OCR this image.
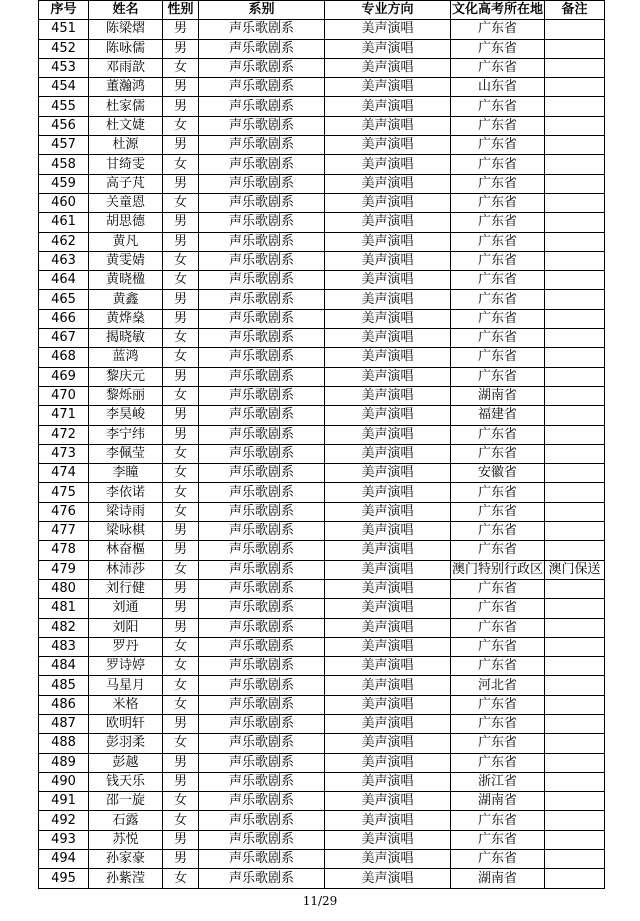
序号	姓名	性别	系别	专业方向	文化高考所在地	备注
451	陈梁熠	男	声乐歌剧系	美声演唱	广东省	
452	陈咏儒	男	声乐歌剧系	美声演唱	广东省	
453	邓雨歆	女	声乐歌剧系	美声演唱	广东省	
454	董瀚鸿	男	声乐歌剧系	美声演唱	山东省	
455	杜家儒	男	声乐歌剧系	美声演唱	广东省	
456	杜文婕	女	声乐歌剧系	美声演唱	广东省	
457	杜源	男	声乐歌剧系	美声演唱	广东省	
458	甘绮雯	女	声乐歌剧系	美声演唱	广东省	
459	高子芃	男	声乐歌剧系	美声演唱	广东省	
460	关童恩	女	声乐歌剧系	美声演唱	广东省	
461	胡思德	男	声乐歌剧系	美声演唱	广东省	
462	黄凡	男	声乐歌剧系	美声演唱	广东省	
463	黄雯婧	女	声乐歌剧系	美声演唱	广东省	
464	黄晓楹	女	声乐歌剧系	美声演唱	广东省	
465	黄鑫	男	声乐歌剧系	美声演唱	广东省	
466	黄烨燊	男	声乐歌剧系	美声演唱	广东省	
467	揭晓敏	女	声乐歌剧系	美声演唱	广东省	
468	蓝鸿	女	声乐歌剧系	美声演唱	广东省	
469	黎庆元	男	声乐歌剧系	美声演唱	广东省	
470	黎烁丽	女	声乐歌剧系	美声演唱	湖南省	
471	李昊峻	男	声乐歌剧系	美声演唱	福建省	
472	李宁纬	男	声乐歌剧系	美声演唱	广东省	
473	李佩莹	女	声乐歌剧系	美声演唱	广东省	
474	李瞳	女	声乐歌剧系	美声演唱	安徽省	
475	李依诺	女	声乐歌剧系	美声演唱	广东省	
476	梁诗雨	女	声乐歌剧系	美声演唱	广东省	
477	梁咏棋	男	声乐歌剧系	美声演唱	广东省	
478	林奋樞	男	声乐歌剧系	美声演唱	广东省	
479	林沛莎	女	声乐歌剧系	美声演唱	澳门特别行政区	澳门保送
480	刘行健	男	声乐歌剧系	美声演唱	广东省	
481	刘通	男	声乐歌剧系	美声演唱	广东省	
482	刘阳	男	声乐歌剧系	美声演唱	广东省	
483	罗丹	女	声乐歌剧系	美声演唱	广东省	
484	罗诗婷	女	声乐歌剧系	美声演唱	广东省	
485	马星月	女	声乐歌剧系	美声演唱	河北省	
486	米格	女	声乐歌剧系	美声演唱	广东省	
487	欧明轩	男	声乐歌剧系	美声演唱	广东省	
488	彭羽柔	女	声乐歌剧系	美声演唱	广东省	
489	彭越	男	声乐歌剧系	美声演唱	广东省	
490	钱天乐	男	声乐歌剧系	美声演唱	浙江省	
491	邵一旋	女	声乐歌剧系	美声演唱	湖南省	
492	石露	女	声乐歌剧系	美声演唱	广东省	
493	苏悦	男	声乐歌剧系	美声演唱	广东省	
494	孙家豪	男	声乐歌剧系	美声演唱	广东省	
495	孙紫滢	女	声乐歌剧系	美声演唱	湖南省	
11/29
